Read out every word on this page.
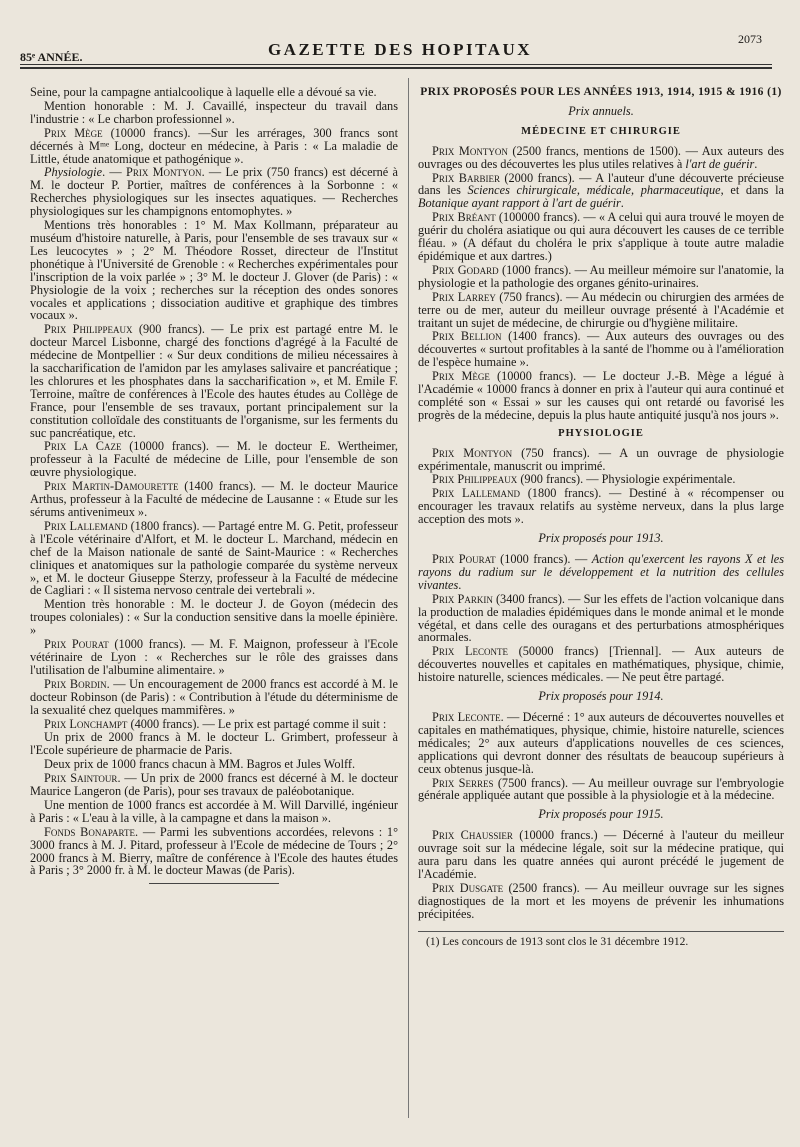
85ᵉ ANNÉE.	GAZETTE DES HOPITAUX
2073

Seine, pour la campagne antialcoolique à laquelle elle a dévoué sa vie.

Mention honorable : M. J. Cavaillé, inspecteur du travail dans l'industrie : « Le charbon professionnel ».

Prix Mège (10000 francs). —Sur les arrérages, 300 francs sont décernés à Mᵐᵉ Long, docteur en médecine, à Paris : « La maladie de Little, étude anatomique et pathogénique ».

Physiologie. — Prix Montyon. — Le prix (750 francs) est décerné à M. le docteur P. Portier, maîtres de conférences à la Sorbonne : « Recherches physiologiques sur les insectes aquatiques. — Recherches physiologiques sur les champignons entomophytes. »

Mentions très honorables : 1° M. Max Kollmann, préparateur au muséum d'histoire naturelle, à Paris, pour l'ensemble de ses travaux sur « Les leucocytes » ; 2° M. Théodore Rosset, directeur de l'Institut phonétique à l'Université de Grenoble : « Recherches expérimentales pour l'inscription de la voix parlée » ; 3° M. le docteur J. Glover (de Paris) : « Physiologie de la voix ; recherches sur la réception des ondes sonores vocales et applications ; dissociation auditive et graphique des timbres vocaux ».

Prix Philippeaux (900 francs). — Le prix est partagé entre M. le docteur Marcel Lisbonne, chargé des fonctions d'agrégé à la Faculté de médecine de Montpellier : « Sur deux conditions de milieu nécessaires à la saccharification de l'amidon par les amylases salivaire et pancréatique ; les chlorures et les phosphates dans la saccharification », et M. Emile F. Terroine, maître de conférences à l'Ecole des hautes études au Collège de France, pour l'ensemble de ses travaux, portant principalement sur la constitution colloïdale des constituants de l'organisme, sur les ferments du suc pancréatique, etc.

Prix La Caze (10000 francs). — M. le docteur E. Wertheimer, professeur à la Faculté de médecine de Lille, pour l'ensemble de son œuvre physiologique.

Prix Martin-Damourette (1400 francs). — M. le docteur Maurice Arthus, professeur à la Faculté de médecine de Lausanne : « Etude sur les sérums antivenimeux ».

Prix Lallemand (1800 francs). — Partagé entre M. G. Petit, professeur à l'Ecole vétérinaire d'Alfort, et M. le docteur L. Marchand, médecin en chef de la Maison nationale de santé de Saint-Maurice : « Recherches cliniques et anatomiques sur la pathologie comparée du système nerveux », et M. le docteur Giuseppe Sterzy, professeur à la Faculté de médecine de Cagliari : « Il sistema nervoso centrale dei vertebrali ».

Mention très honorable : M. le docteur J. de Goyon (médecin des troupes coloniales) : « Sur la conduction sensitive dans la moelle épinière. »

Prix Pourat (1000 francs). — M. F. Maignon, professeur à l'Ecole vétérinaire de Lyon : « Recherches sur le rôle des graisses dans l'utilisation de l'albumine alimentaire. »

Prix Bordin. — Un encouragement de 2000 francs est accordé à M. le docteur Robinson (de Paris) : « Contribution à l'étude du déterminisme de la sexualité chez quelques mammifères. »

Prix Lonchampt (4000 francs). — Le prix est partagé comme il suit :

Un prix de 2000 francs à M. le docteur L. Grimbert, professeur à l'Ecole supérieure de pharmacie de Paris.

Deux prix de 1000 francs chacun à MM. Bagros et Jules Wolff.

Prix Saintour. — Un prix de 2000 francs est décerné à M. le docteur Maurice Langeron (de Paris), pour ses travaux de paléobotanique.

Une mention de 1000 francs est accordée à M. Will Darvillé, ingénieur à Paris : « L'eau à la ville, à la campagne et dans la maison ».

Fonds Bonaparte. — Parmi les subventions accordées, relevons : 1° 3000 francs à M. J. Pitard, professeur à l'Ecole de médecine de Tours ; 2° 2000 francs à M. Bierry, maître de conférence à l'Ecole des hautes études à Paris ; 3° 2000 fr. à M. le docteur Mawas (de Paris).

PRIX PROPOSÉS POUR LES ANNÉES 1913, 1914, 1915 & 1916 (1)
Prix annuels.
MÉDECINE ET CHIRURGIE

Prix Montyon (2500 francs, mentions de 1500). — Aux auteurs des ouvrages ou des découvertes les plus utiles relatives à l'art de guérir.

Prix Barbier (2000 francs). — A l'auteur d'une découverte précieuse dans les Sciences chirurgicale, médicale, pharmaceutique, et dans la Botanique ayant rapport à l'art de guérir.

Prix Bréant (100000 francs). — « A celui qui aura trouvé le moyen de guérir du choléra asiatique ou qui aura découvert les causes de ce terrible fléau. » (A défaut du choléra le prix s'applique à toute autre maladie épidémique et aux dartres.)

Prix Godard (1000 francs). — Au meilleur mémoire sur l'anatomie, la physiologie et la pathologie des organes génito-urinaires.

Prix Larrey (750 francs). — Au médecin ou chirurgien des armées de terre ou de mer, auteur du meilleur ouvrage présenté à l'Académie et traitant un sujet de médecine, de chirurgie ou d'hygiène militaire.

Prix Bellion (1400 francs). — Aux auteurs des ouvrages ou des découvertes « surtout profitables à la santé de l'homme ou à l'amélioration de l'espèce humaine ».

Prix Mège (10000 francs). — Le docteur J.-B. Mège a légué à l'Académie « 10000 francs à donner en prix à l'auteur qui aura continué et complété son « Essai » sur les causes qui ont retardé ou favorisé les progrès de la médecine, depuis la plus haute antiquité jusqu'à nos jours ».

PHYSIOLOGIE

Prix Montyon (750 francs). — A un ouvrage de physiologie expérimentale, manuscrit ou imprimé.

Prix Philippeaux (900 francs). — Physiologie expérimentale.

Prix Lallemand (1800 francs). — Destiné à « récompenser ou encourager les travaux relatifs au système nerveux, dans la plus large acception des mots ».

Prix proposés pour 1913.

Prix Pourat (1000 francs). — Action qu'exercent les rayons X et les rayons du radium sur le développement et la nutrition des cellules vivantes.

Prix Parkin (3400 francs). — Sur les effets de l'action volcanique dans la production de maladies épidémiques dans le monde animal et le monde végétal, et dans celle des ouragans et des perturbations atmosphériques anormales.

Prix Leconte (50000 francs) [Triennal]. — Aux auteurs de découvertes nouvelles et capitales en mathématiques, physique, chimie, histoire naturelle, sciences médicales. — Ne peut être partagé.

Prix proposés pour 1914.

Prix Leconte. — Décerné : 1° aux auteurs de découvertes nouvelles et capitales en mathématiques, physique, chimie, histoire naturelle, sciences médicales; 2° aux auteurs d'applications nouvelles de ces sciences, applications qui devront donner des résultats de beaucoup supérieurs à ceux obtenus jusque-là.

Prix Serres (7500 francs). — Au meilleur ouvrage sur l'embryologie générale appliquée autant que possible à la physiologie et à la médecine.

Prix proposés pour 1915.

Prix Chaussier (10000 francs.) — Décerné à l'auteur du meilleur ouvrage soit sur la médecine légale, soit sur la médecine pratique, qui aura paru dans les quatre années qui auront précédé le jugement de l'Académie.

Prix Dusgate (2500 francs). — Au meilleur ouvrage sur les signes diagnostiques de la mort et les moyens de prévenir les inhumations précipitées.

(1) Les concours de 1913 sont clos le 31 décembre 1912.
